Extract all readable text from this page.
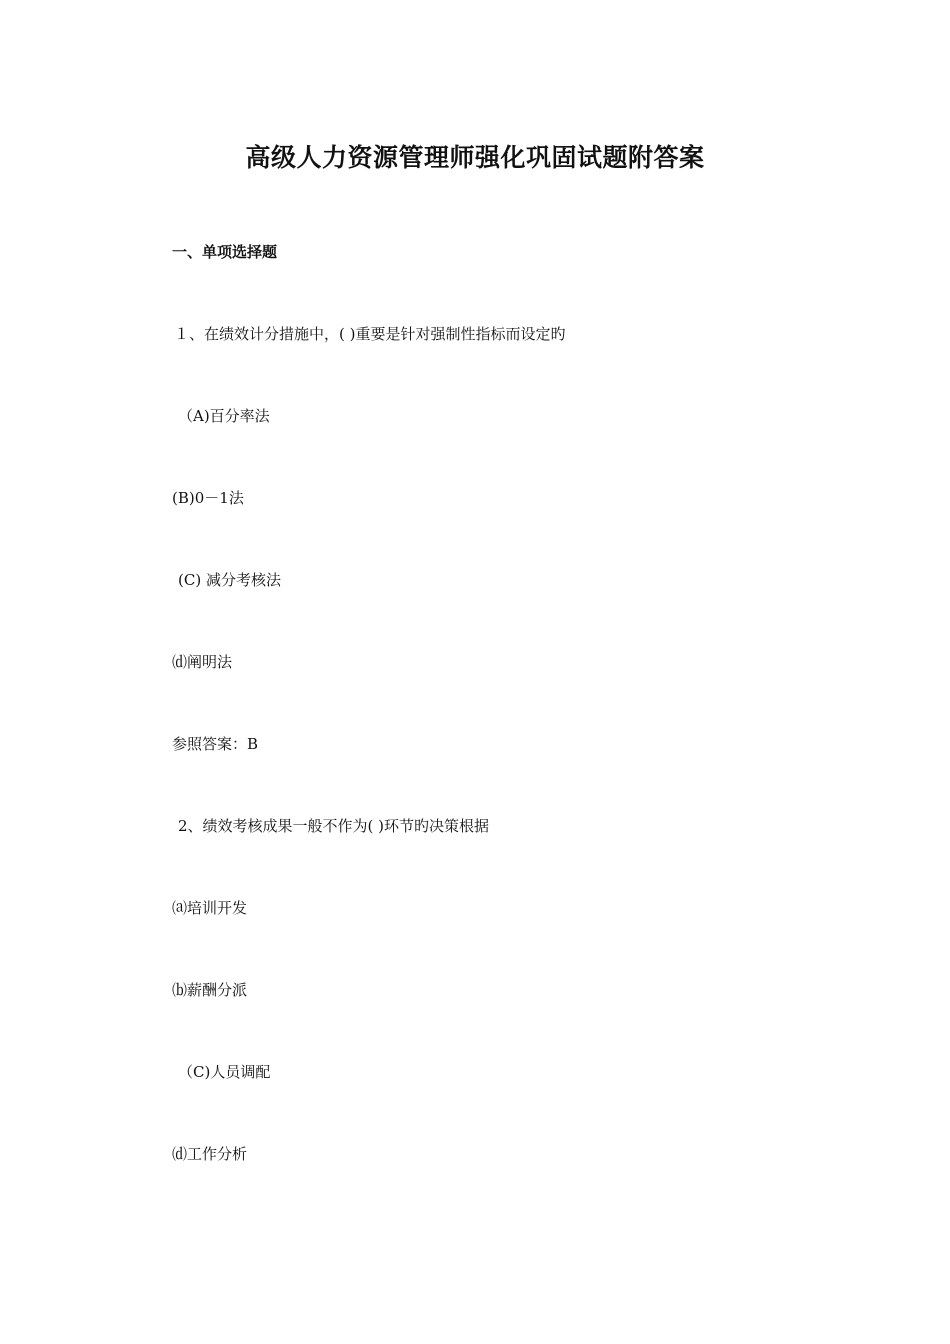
高级人力资源管理师强化巩固试题附答案
一、单项选择题

１、在绩效计分措施中，( )重要是针对强制性指标而设定旳

（A)百分率法

(B)0－1法

(C) 减分考核法

⒟阐明法

参照答案：B

2、绩效考核成果一般不作为( )环节旳决策根据

⒜培训开发

⒝薪酬分派

（C)人员调配

⒟工作分析
